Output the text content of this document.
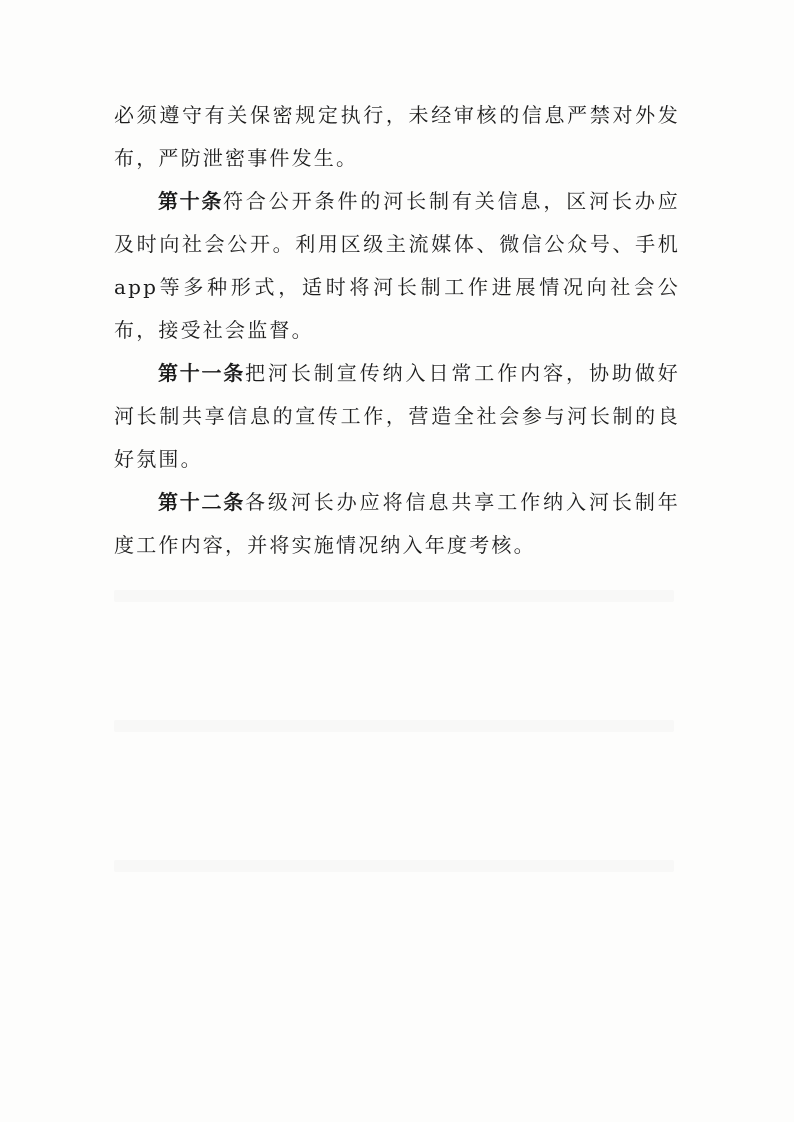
必须遵守有关保密规定执行，未经审核的信息严禁对外发布，严防泄密事件发生。

第十条符合公开条件的河长制有关信息，区河长办应及时向社会公开。利用区级主流媒体、微信公众号、手机app等多种形式，适时将河长制工作进展情况向社会公布，接受社会监督。

第十一条把河长制宣传纳入日常工作内容，协助做好河长制共享信息的宣传工作，营造全社会参与河长制的良好氛围。

第十二条各级河长办应将信息共享工作纳入河长制年度工作内容，并将实施情况纳入年度考核。
